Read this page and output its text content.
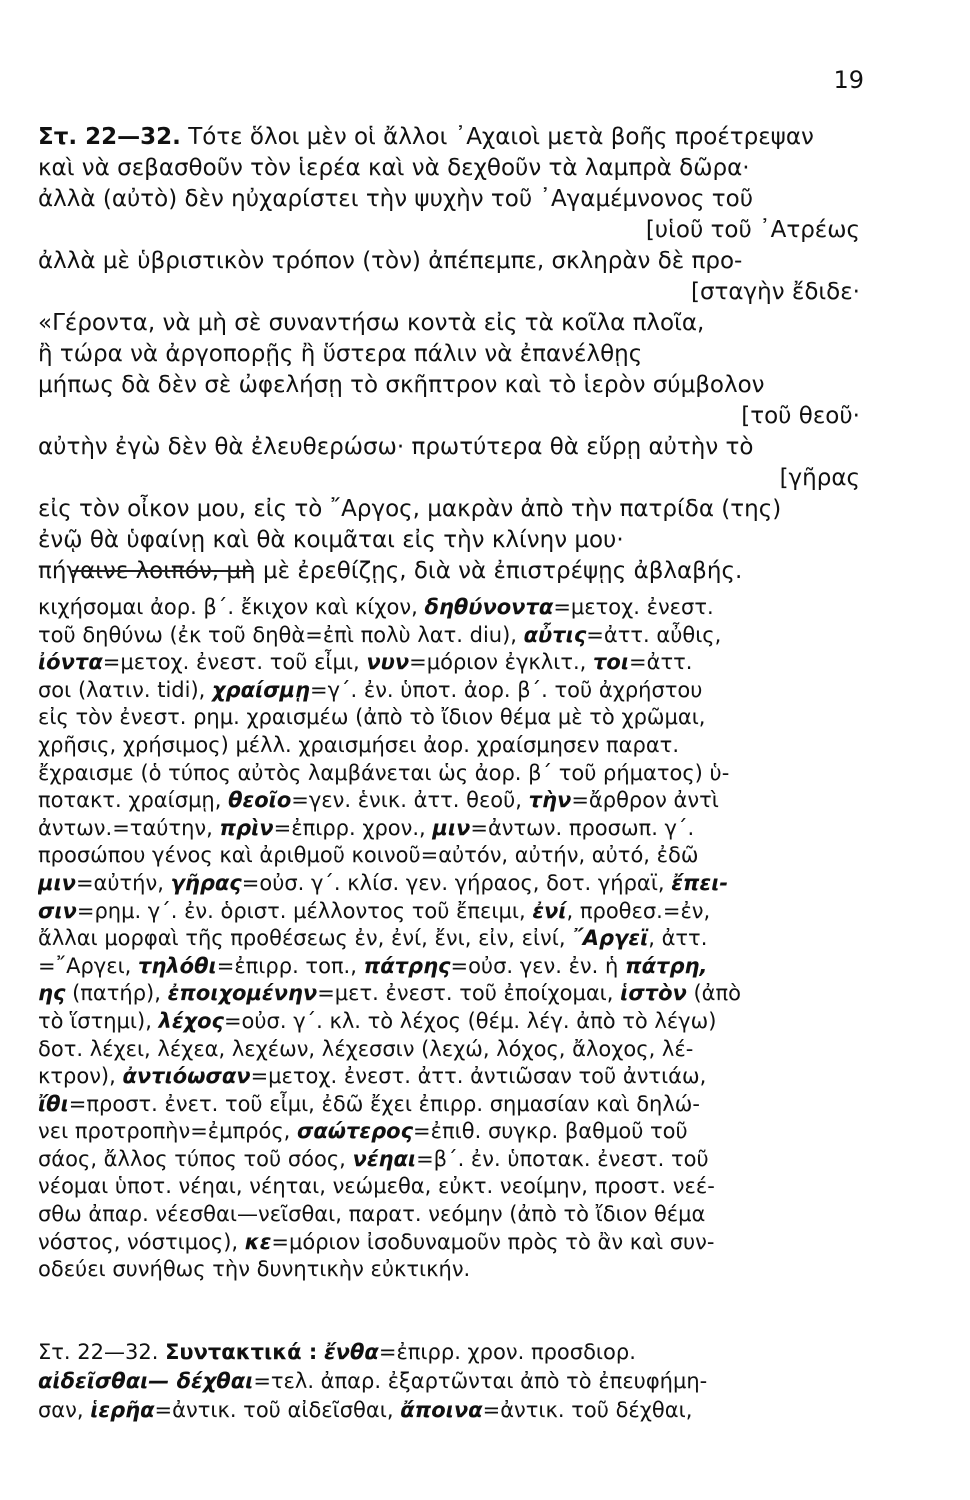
19
Στ. 22—32. Τότε ὅλοι μὲν οἱ ἄλλοι ᾿Αχαιοὶ μετὰ βοῆς προέτρεψαν
καὶ νὰ σεβασθοῦν τὸν ἱερέα καὶ νὰ δεχθοῦν τὰ λαμπρὰ δῶρα·
ἀλλὰ (αὐτὸ) δὲν ηὐχαρίστει τὴν ψυχὴν τοῦ ᾿Αγαμέμνονος τοῦ
[υἱοῦ τοῦ ᾿Ατρέως
ἀλλὰ μὲ ὑβριστικὸν τρόπον (τὸν) ἀπέπεμπε, σκληρὰν δὲ προ-
[σταγὴν ἔδιδε·
«Γέροντα, νὰ μὴ σὲ συναντήσω κοντὰ εἰς τὰ κοῖλα πλοῖα,
ἢ τώρα νὰ ἀργοπορῇς ἢ ὕστερα πάλιν νὰ ἐπανέλθῃς
μήπως δὰ δὲν σὲ ὠφελήσῃ τὸ σκῆπτρον καὶ τὸ ἱερὸν σύμβολον
[τοῦ θεοῦ·
αὐτὴν ἐγὼ δὲν θὰ ἐλευθερώσω· πρωτύτερα θὰ εὕρῃ αὐτὴν τὸ
[γῆρας
εἰς τὸν οἶκον μου, εἰς τὸ ῎Αργος, μακρὰν ἀπὸ τὴν πατρίδα (της)
ἐνῷ θὰ ὑφαίνῃ καὶ θὰ κοιμᾶται εἰς τὴν κλίνην μου·
πήγαινε λοιπόν, μὴ μὲ ἐρεθίζῃς, διὰ νὰ ἐπιστρέψῃς ἀβλαβής.
κιχήσομαι ἀορ. β΄. ἔκιχον καὶ κίχον, δηθύνοντα=μετοχ. ἐνεστ.
τοῦ δηθύνω (ἐκ τοῦ δηθὰ=ἐπὶ πολὺ λατ. diu), αὖτις=ἀττ. αὖθις,
ἰόντα=μετοχ. ἐνεστ. τοῦ εἶμι, νυν=μόριον ἐγκλιτ., τοι=ἀττ.
σοι (λατιν. tidi), χραίσμῃ=γ΄. ἐν. ὑποτ. ἀορ. β΄. τοῦ ἀχρήστου
εἰς τὸν ἐνεστ. ρημ. χραισμέω (ἀπὸ τὸ ἴδιον θέμα μὲ τὸ χρῶμαι,
χρῆσις, χρήσιμος) μέλλ. χραισμήσει ἀορ. χραίσμησεν παρατ.
ἔχραισμε (ὁ τύπος αὐτὸς λαμβάνεται ὡς ἀορ. β΄ τοῦ ρήματος) ὑ-
ποτακτ. χραίσμῃ, θεοῖο=γεν. ἑνικ. ἀττ. θεοῦ, τὴν=ἄρθρον ἀντὶ
ἀντων.=ταύτην, πρὶν=ἐπιρρ. χρον., μιν=ἀντων. προσωπ. γ΄.
προσώπου γένος καὶ ἀριθμοῦ κοινοῦ=αὐτόν, αὐτήν, αὐτό, ἐδῶ
μιν=αὐτήν, γῆρας=οὐσ. γ΄. κλίσ. γεν. γήραος, δοτ. γήραϊ, ἔπει-
σιν=ρημ. γ΄. ἐν. ὁριστ. μέλλοντος τοῦ ἔπειμι, ἐνί, προθεσ.=ἐν,
ἄλλαι μορφαὶ τῆς προθέσεως ἐν, ἐνί, ἔνι, εἰν, εἰνί, ῎Αργεϊ, ἀττ.
=῎Αργει, τηλόθι=ἐπιρρ. τοπ., πάτρης=οὐσ. γεν. ἐν. ἡ πάτρη,
ης (πατήρ), ἐποιχομένην=μετ. ἐνεστ. τοῦ ἐποίχομαι, ἱστὸν (ἀπὸ
τὸ ἵστημι), λέχος=οὐσ. γ΄. κλ. τὸ λέχος (θέμ. λέγ. ἀπὸ τὸ λέγω)
δοτ. λέχει, λέχεα, λεχέων, λέχεσσιν (λεχώ, λόχος, ἄλοχος, λέ-
κτρον), ἀντιόωσαν=μετοχ. ἐνεστ. ἀττ. ἀντιῶσαν τοῦ ἀντιάω,
ἴθι=προστ. ἐνετ. τοῦ εἶμι, ἐδῶ ἔχει ἐπιρρ. σημασίαν καὶ δηλώ-
νει προτροπὴν=ἐμπρός, σαώτερος=ἐπιθ. συγκρ. βαθμοῦ τοῦ
σάος, ἄλλος τύπος τοῦ σόος, νέηαι=β΄. ἐν. ὑποτακ. ἐνεστ. τοῦ
νέομαι ὑποτ. νέηαι, νέηται, νεώμεθα, εὐκτ. νεοίμην, προστ. νεέ-
σθω ἀπαρ. νέεσθαι—νεῖσθαι, παρατ. νεόμην (ἀπὸ τὸ ἴδιον θέμα
νόστος, νόστιμος), κε=μόριον ἰσοδυναμοῦν πρὸς τὸ ἂν καὶ συν-
οδεύει συνήθως τὴν δυνητικὴν εὐκτικήν.
Στ. 22—32. Συντακτικά : ἔνθα=ἐπιρρ. χρον. προσδιορ.
αἰδεῖσθαι— δέχθαι=τελ. ἀπαρ. ἐξαρτῶνται ἀπὸ τὸ ἐπευφήμη-
σαν, ἱερῆα=ἀντικ. τοῦ αἰδεῖσθαι, ἄποινα=ἀντικ. τοῦ δέχθαι,
